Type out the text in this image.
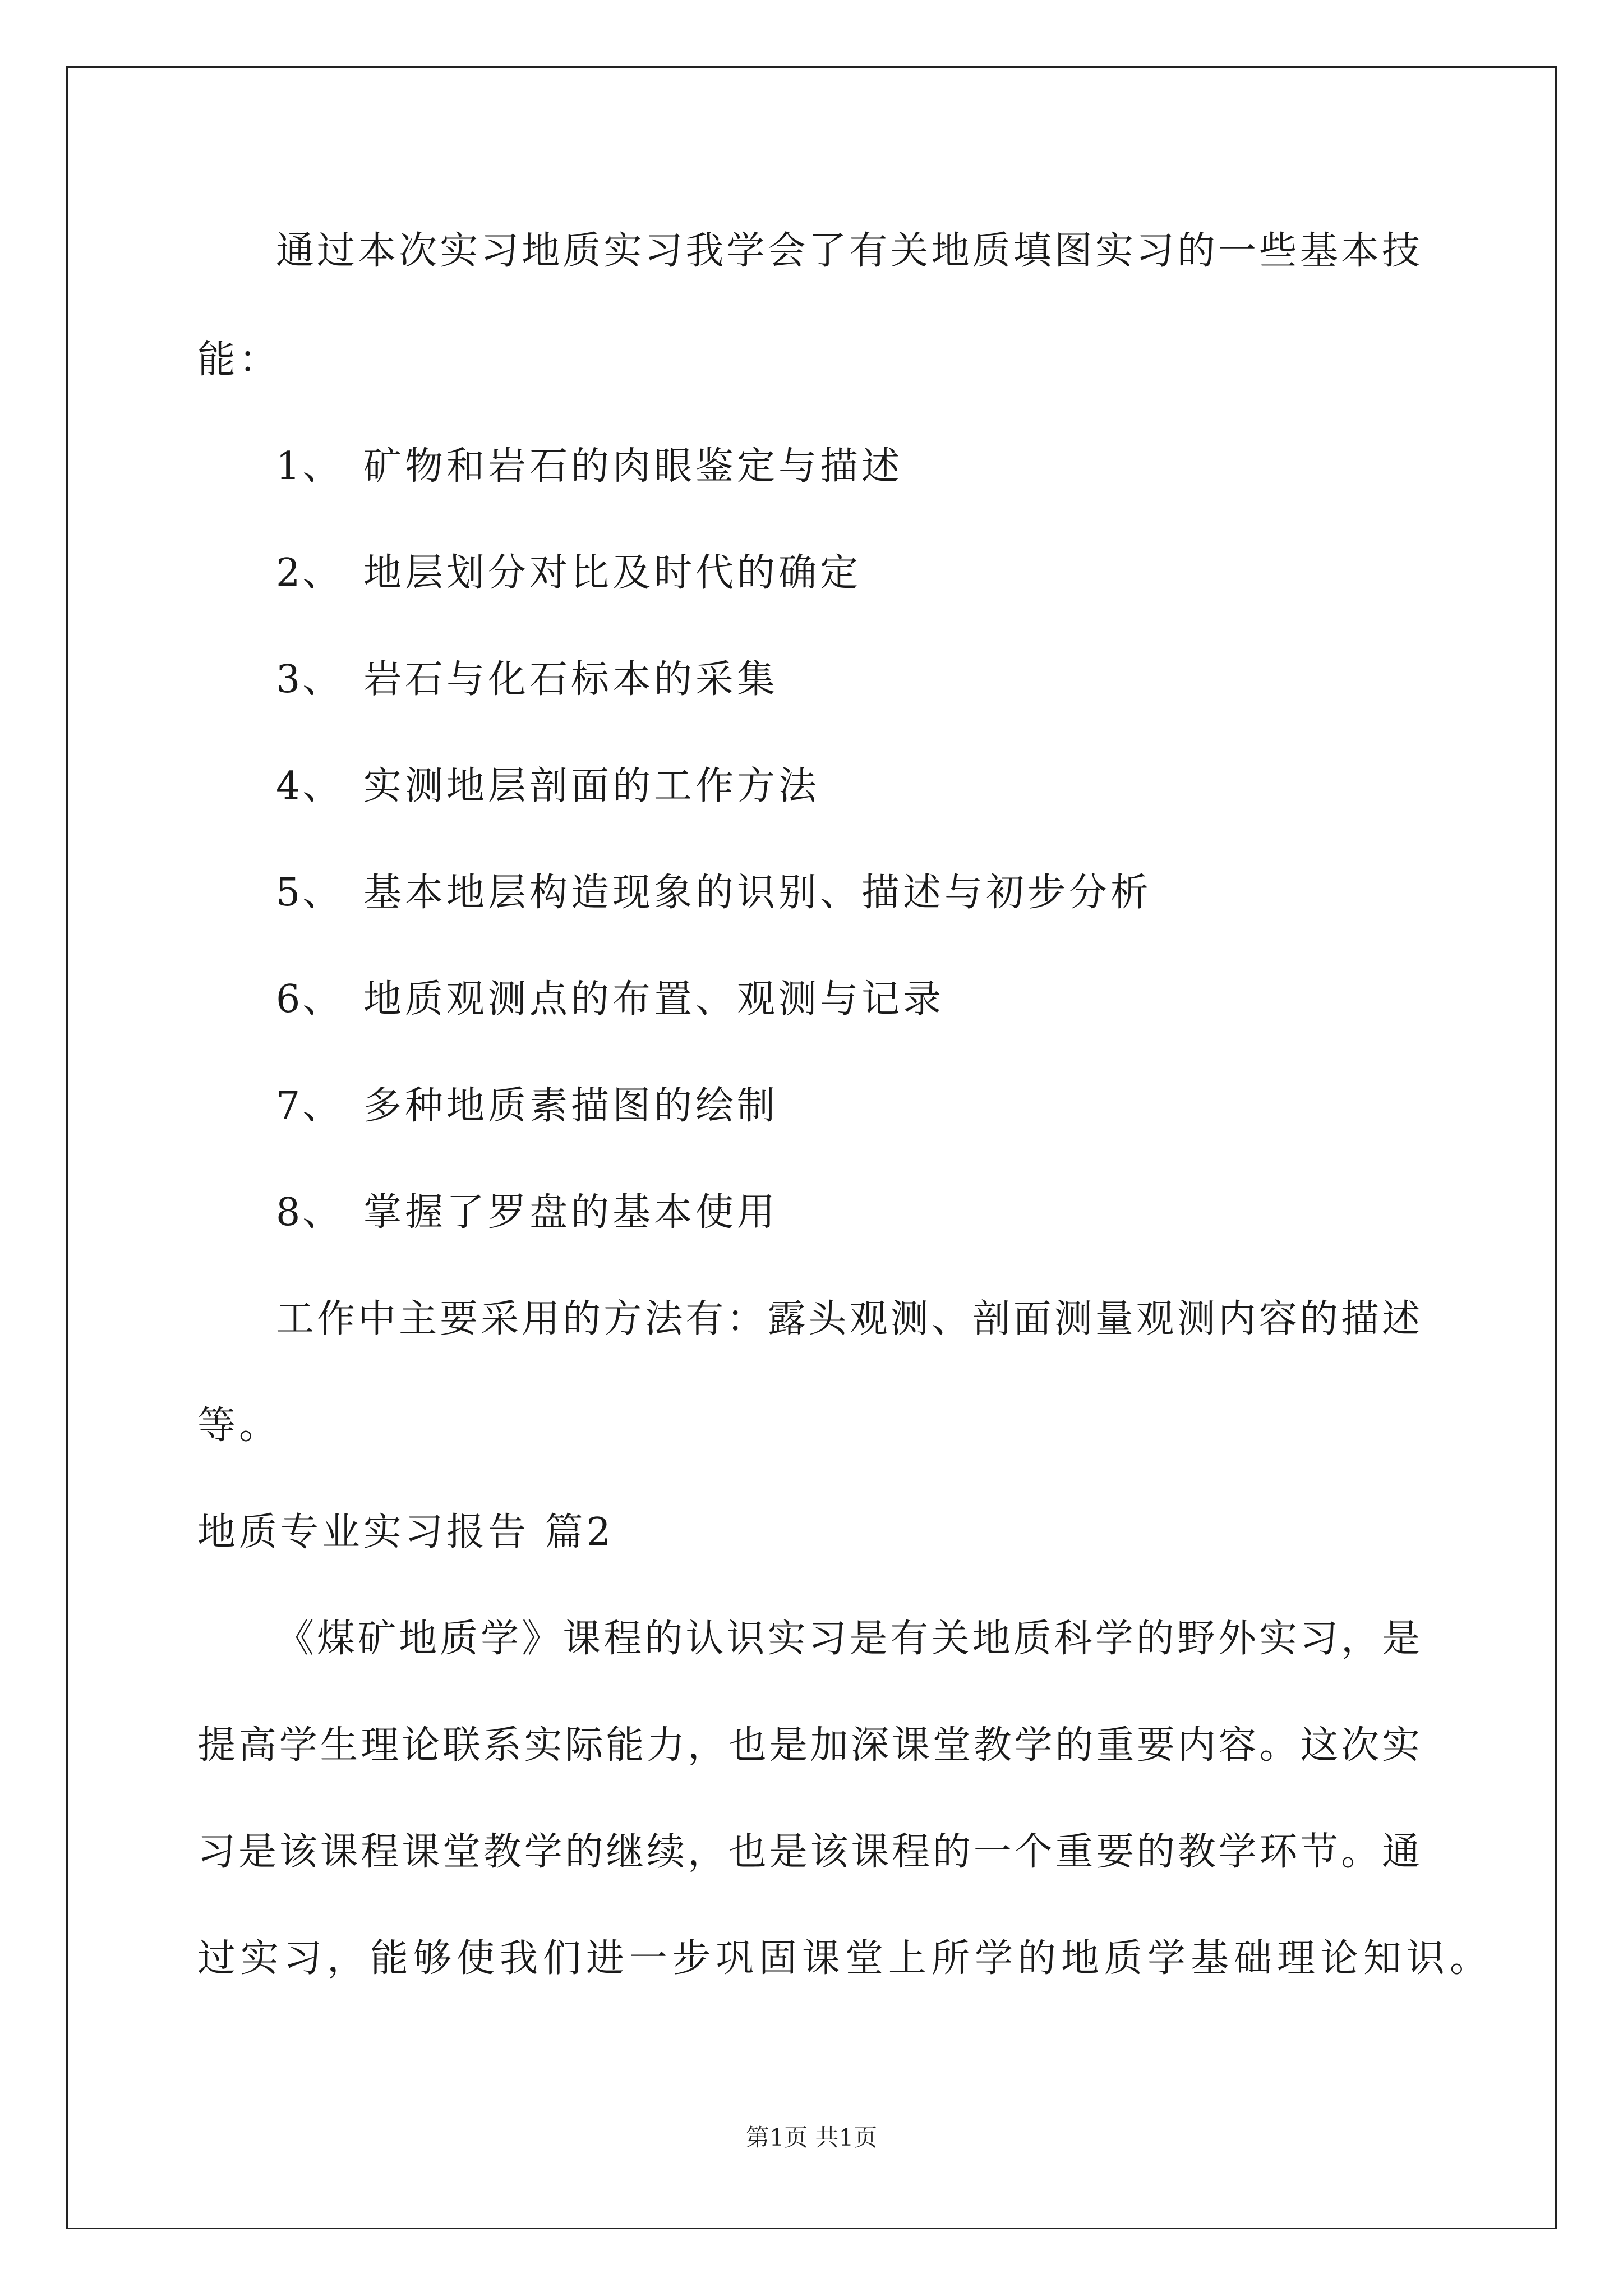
通过本次实习地质实习我学会了有关地质填图实习的一些基本技
能：
1、 矿物和岩石的肉眼鉴定与描述
2、 地层划分对比及时代的确定
3、 岩石与化石标本的采集
4、 实测地层剖面的工作方法
5、 基本地层构造现象的识别、描述与初步分析
6、 地质观测点的布置、观测与记录
7、 多种地质素描图的绘制
8、 掌握了罗盘的基本使用
工作中主要采用的方法有：露头观测、剖面测量观测内容的描述
等。
地质专业实习报告 篇2
《煤矿地质学》课程的认识实习是有关地质科学的野外实习，是
提高学生理论联系实际能力，也是加深课堂教学的重要内容。这次实
习是该课程课堂教学的继续，也是该课程的一个重要的教学环节。通
过实习，能够使我们进一步巩固课堂上所学的地质学基础理论知识。
第1页 共1页
